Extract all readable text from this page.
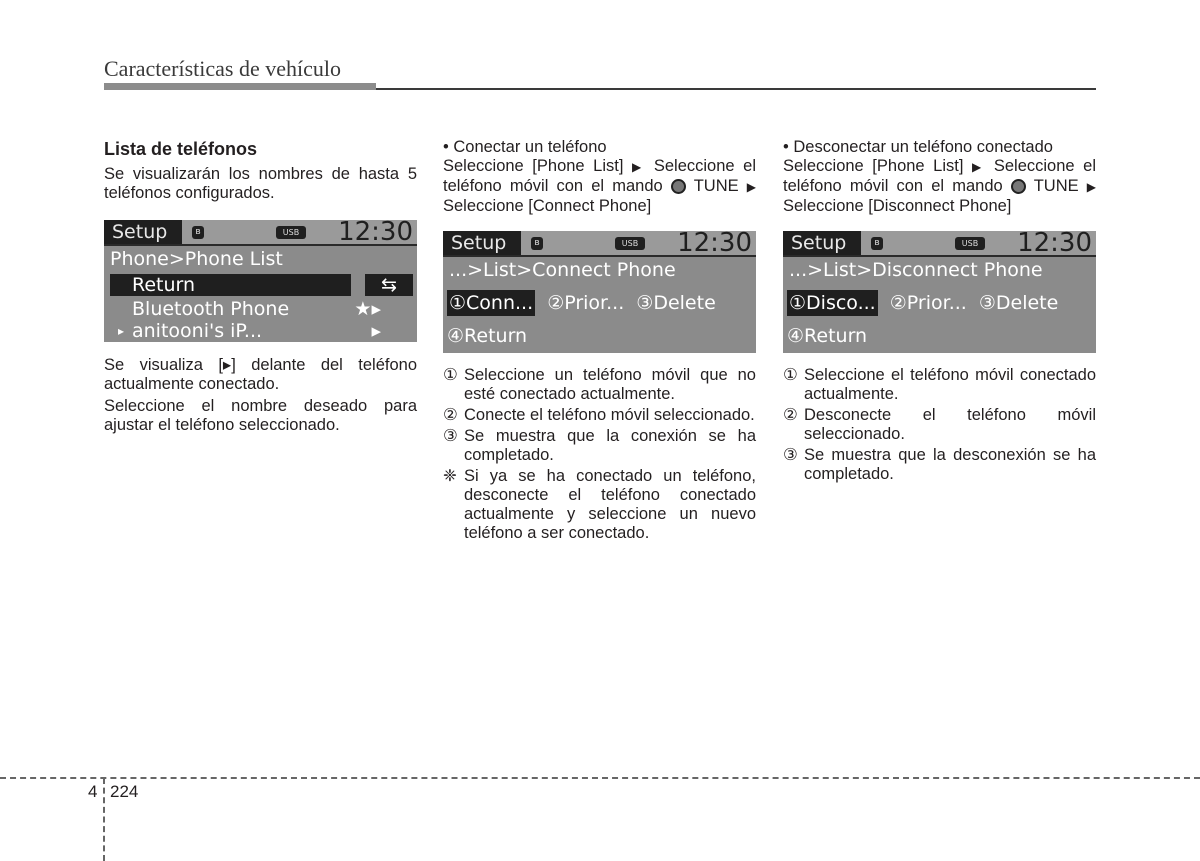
Características de vehículo
Lista de teléfonos

Se visualizarán los nombres de hasta 5 teléfonos configurados.

Setup	ʙ	USB 12:30
Phone>Phone List
Return	⇆
Bluetooth Phone	★▸
▸ anitooni's iP...	▸

Se visualiza [▸] delante del teléfono actualmente conectado.

Seleccione el nombre deseado para ajustar el teléfono seleccionado.

• Conectar un teléfono

Seleccione [Phone List] ▶ Seleccione el teléfono móvil con el mando TUNE ▶ Seleccione [Connect Phone]

Setup	ʙ	USB 12:30
...>List>Connect Phone
①Conn... ②Prior... ③Delete
④Return
① Seleccione un teléfono móvil que no esté conectado actualmente.
② Conecte el teléfono móvil seleccionado.
③ Se muestra que la conexión se ha completado.
❈ Si ya se ha conectado un teléfono, desconecte el teléfono conectado actualmente y seleccione un nuevo teléfono a ser conectado.

• Desconectar un teléfono conectado

Seleccione [Phone List] ▶ Seleccione el teléfono móvil con el mando TUNE ▶ Seleccione [Disconnect Phone]

Setup	ʙ	USB 12:30
...>List>Disconnect Phone
①Disco... ②Prior... ③Delete
④Return
① Seleccione el teléfono móvil conectado actualmente.
② Desconecte el teléfono móvil seleccionado.
③ Se muestra que la desconexión se ha completado.
4 224
